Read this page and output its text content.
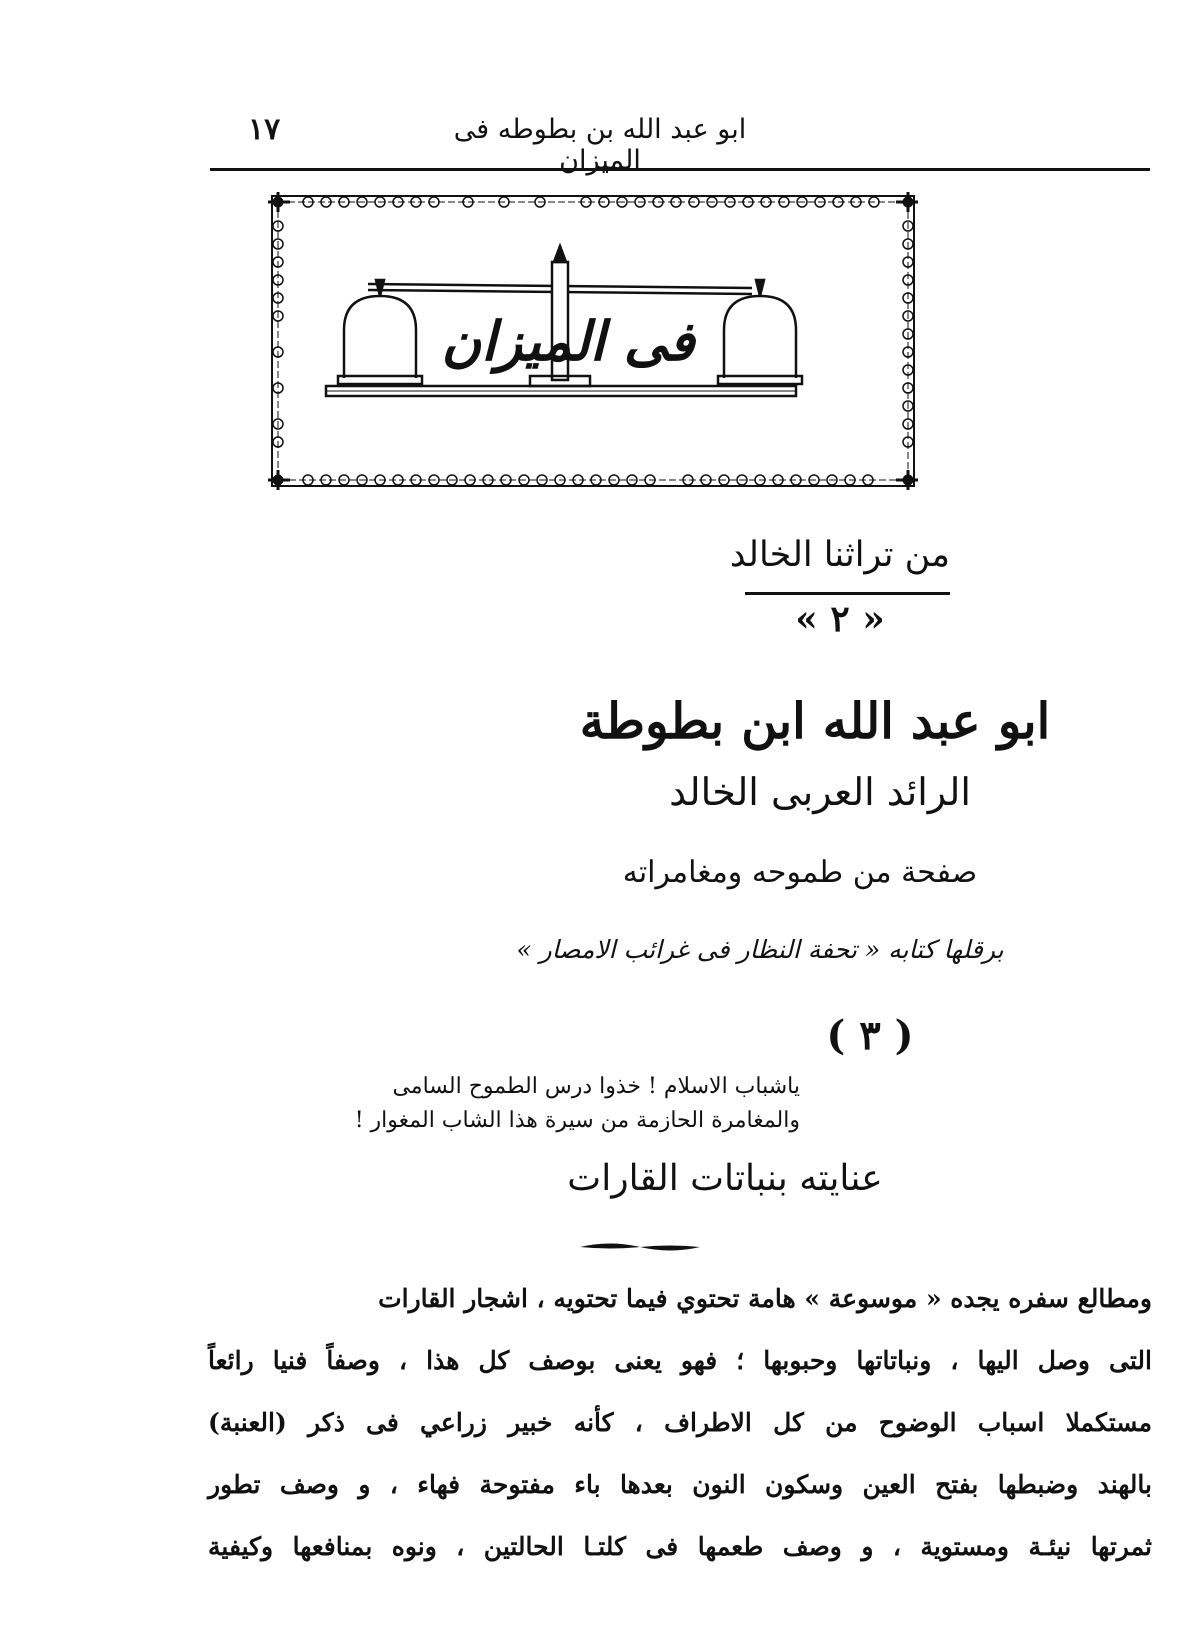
١٧	ابو عبد الله بن بطوطه فى الميزان
فى الميزان
من تراثنا الخالد
« ٢ »
ابو عبد الله ابن بطوطة
الرائد العربى الخالد
صفحة من طموحه ومغامراته
برقلها كتابه « تحفة النظار فى غرائب الامصار »
( ٣ )
ياشباب الاسلام ! خذوا درس الطموح السامى
والمغامرة الحازمة من سيرة هذا الشاب المغوار !
عنايته بنباتات القارات
ومطالع سفره يجده « موسوعة » هامة تحتوي فيما تحتويه ، اشجار القارات
التى وصل اليها ، ونباتاتها وحبوبها ؛ فهو يعنى بوصف كل هذا ، وصفاً فنيا رائعاً
مستكملا اسباب الوضوح من كل الاطراف ، كأنه خبير زراعي فى ذكر (العنبة)
بالهند وضبطها بفتح العين وسكون النون بعدها باء مفتوحة فهاء ، و وصف تطور
ثمرتها نيئـة ومستوية ، و وصف طعمها فى كلتـا الحالتين ، ونوه بمنافعها وكيفية
